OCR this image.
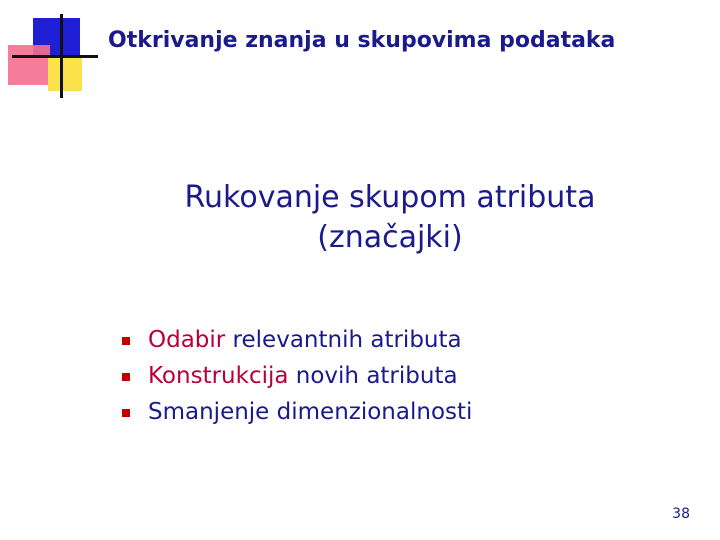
Otkrivanje znanja u skupovima podataka
Rukovanje skupom atributa
(značajki)
Odabir relevantnih atributa
Konstrukcija novih atributa
Smanjenje dimenzionalnosti
38
